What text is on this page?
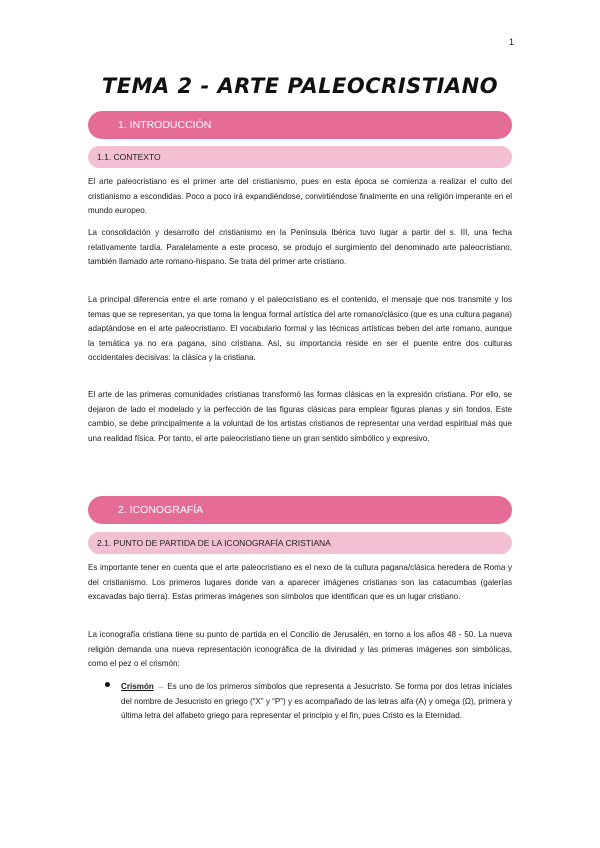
1
TEMA 2 - ARTE PALEOCRISTIANO
1. INTRODUCCIÓN
1.1. CONTEXTO

El arte paleocristiano es el primer arte del cristianismo, pues en esta época se comienza a realizar el culto del cristianismo a escondidas. Poco a poco irá expandiéndose, convirtiéndose finalmente en una religión imperante en el mundo europeo.

La consolidación y desarrollo del cristianismo en la Península Ibérica tuvo lugar a partir del s. III, una fecha relativamente tardía. Paralelamente a este proceso, se produjo el surgimiento del denominado arte paleocristiano, también llamado arte romano-hispano. Se trata del primer arte cristiano.

La principal diferencia entre el arte romano y el paleocristiano es el contenido, el mensaje que nos transmite y los temas que se representan, ya que toma la lengua formal artística del arte romano/clásico (que es una cultura pagana) adaptándose en el arte paleocristiano. El vocabulario formal y las técnicas artísticas beben del arte romano, aunque la temática ya no era pagana, sino cristiana. Así, su importancia reside en ser el puente entre dos culturas occidentales decisivas: la clásica y la cristiana.

El arte de las primeras comunidades cristianas transformó las formas clásicas en la expresión cristiana. Por ello, se dejaron de lado el modelado y la perfección de las figuras clásicas para emplear figuras planas y sin fondos. Este cambio, se debe principalmente a la voluntad de los artistas cristianos de representar una verdad espiritual más que una realidad física. Por tanto, el arte paleocristiano tiene un gran sentido simbólico y expresivo.

2. ICONOGRAFÍA
2.1. PUNTO DE PARTIDA DE LA ICONOGRAFÍA CRISTIANA

Es importante tener en cuenta que el arte paleocristiano es el nexo de la cultura pagana/clásica heredera de Roma y del cristianismo. Los primeros lugares donde van a aparecer imágenes cristianas son las catacumbas (galerías excavadas bajo tierra). Estas primeras imágenes son símbolos que identifican que es un lugar cristiano.

La iconografía cristiana tiene su punto de partida en el Concilio de Jerusalén, en torno a los años 48 - 50. La nueva religión demanda una nueva representación iconográfica de la divinidad y las primeras imágenes son simbólicas, como el pez o el crismón:

Crismón → Es uno de los primeros símbolos que representa a Jesucristo. Se forma por dos letras iniciales del nombre de Jesucristo en griego (“X” y “P”) y es acompañado de las letras alfa (A) y omega (Ω), primera y última letra del alfabeto griego para representar el principio y el fin, pues Cristo es la Eternidad.
